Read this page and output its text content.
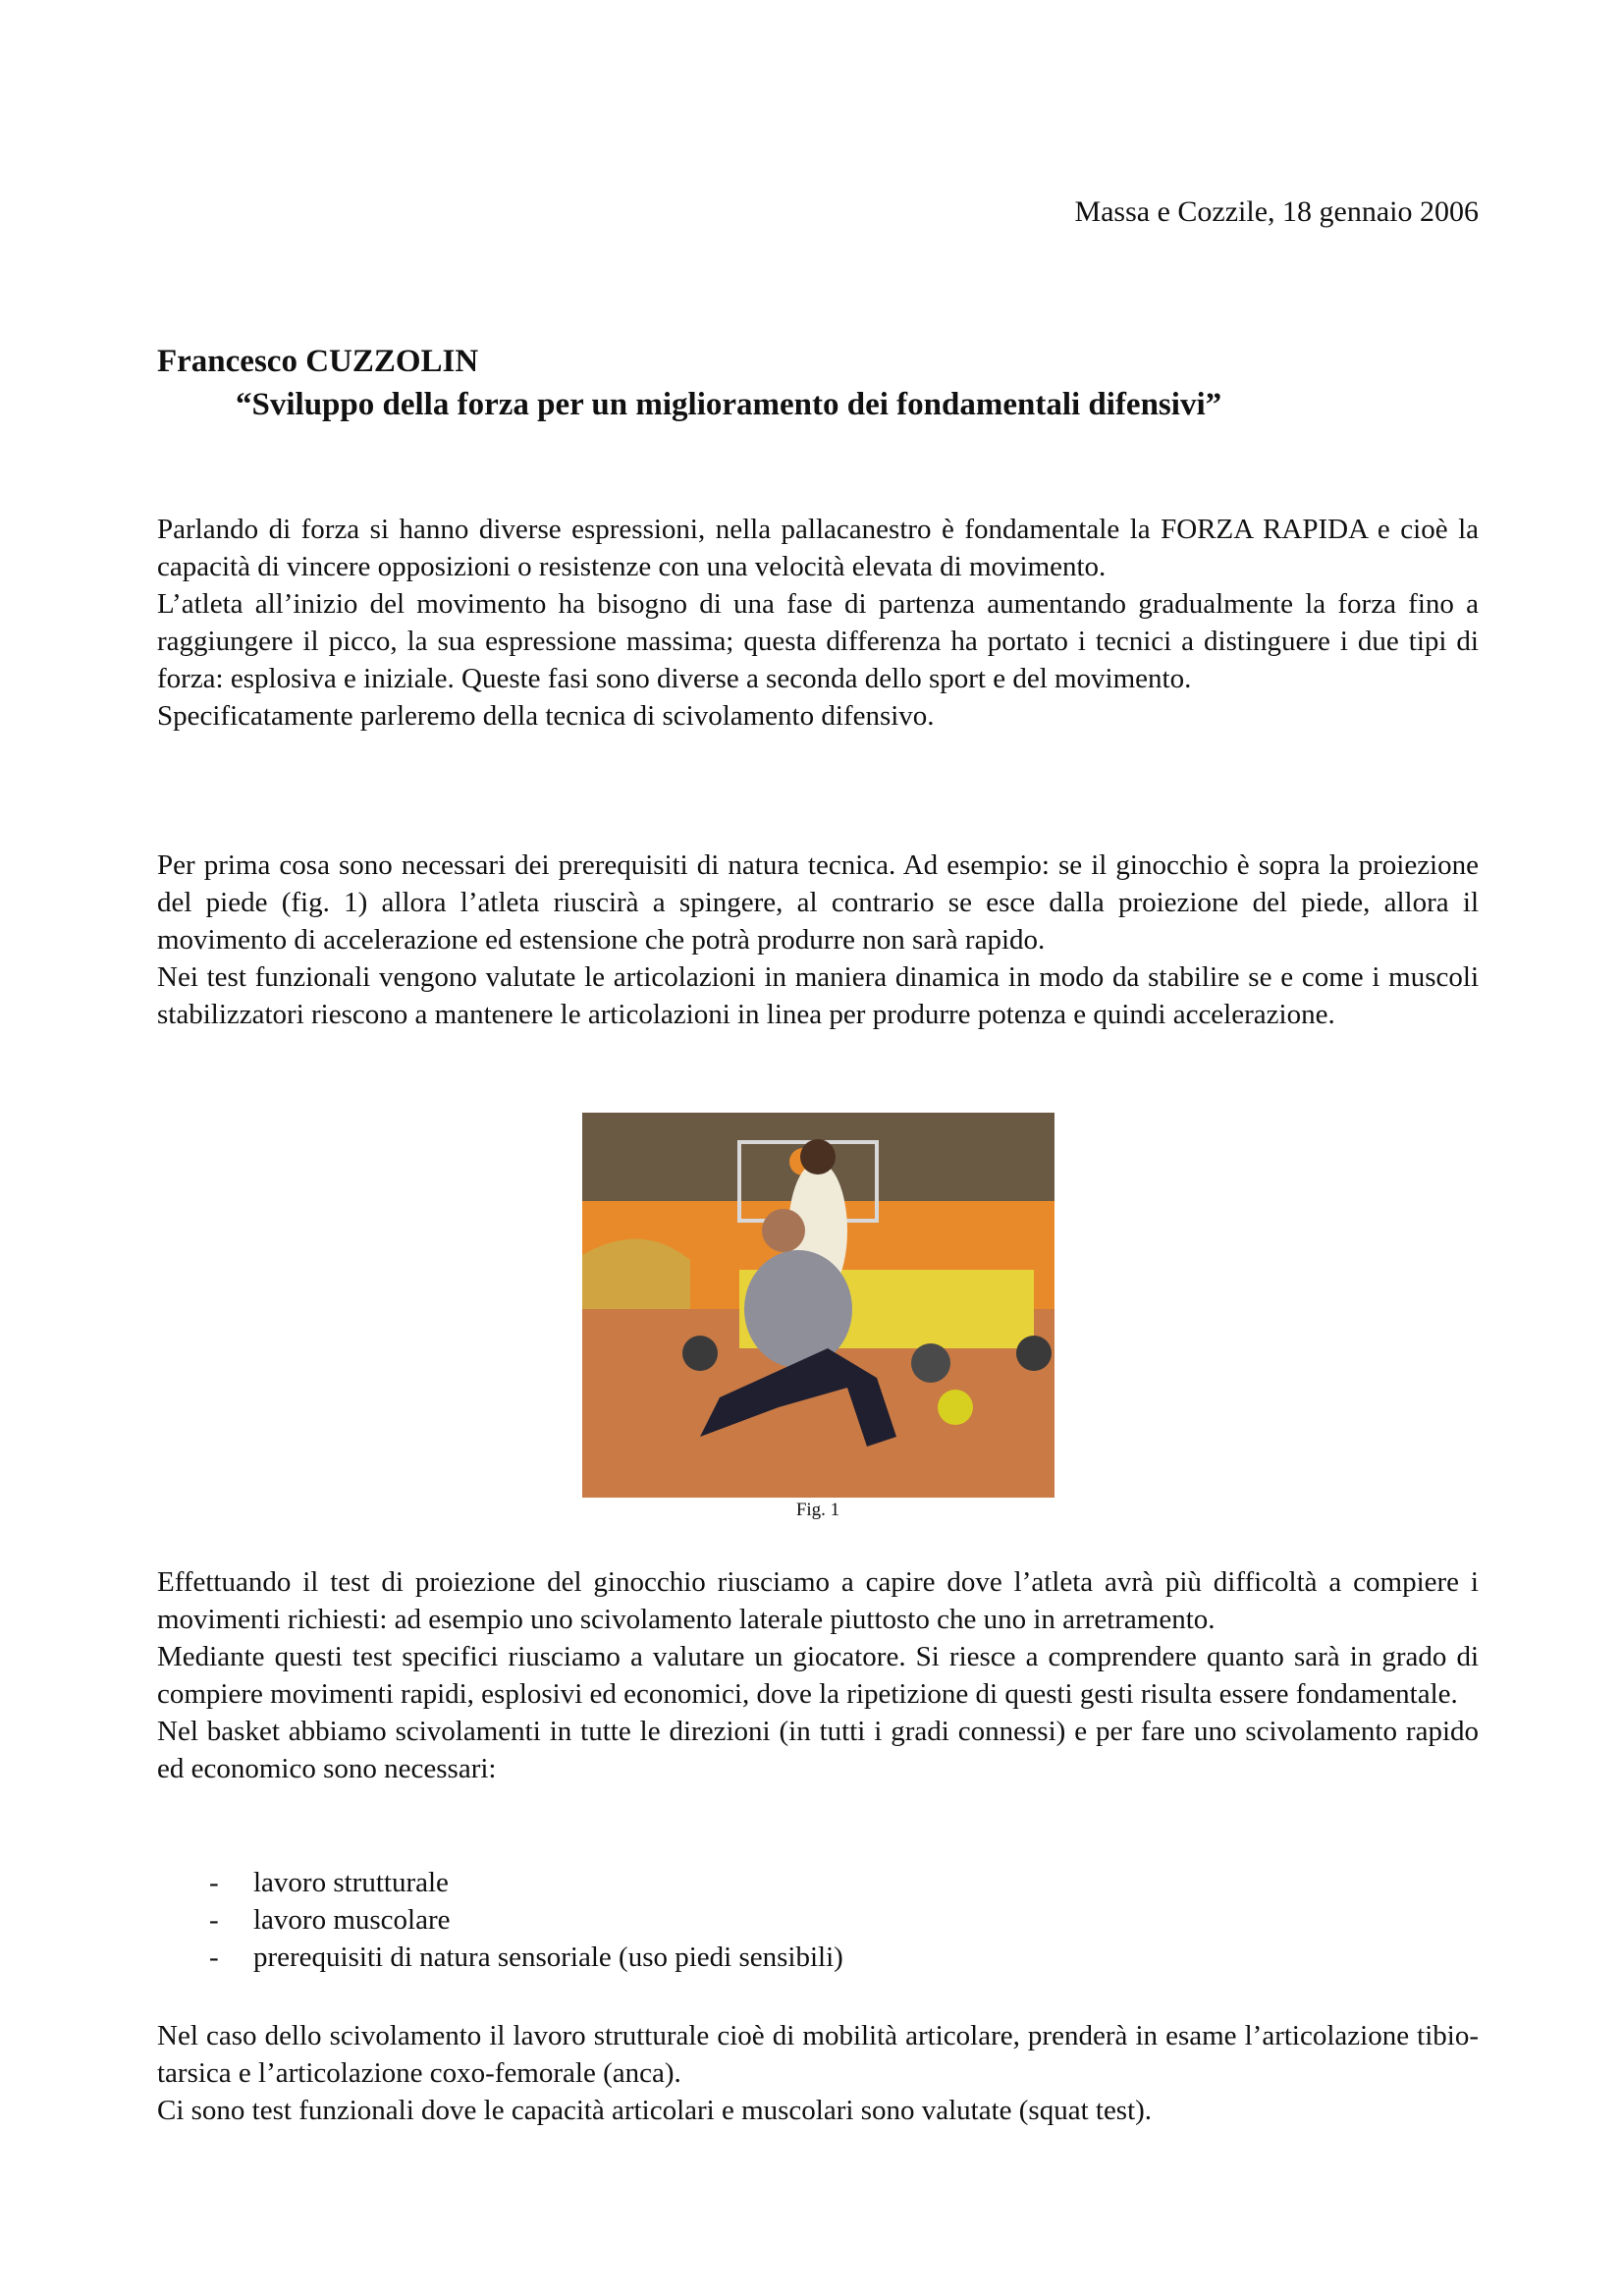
Massa e Cozzile, 18 gennaio 2006
Francesco CUZZOLIN
“Sviluppo della forza per un miglioramento dei fondamentali difensivi”
Parlando di forza si hanno diverse espressioni, nella pallacanestro è fondamentale la FORZA RAPIDA e cioè la capacità di vincere opposizioni o resistenze con una velocità elevata di movimento.
L’atleta all’inizio del movimento ha bisogno di una fase di partenza aumentando gradualmente la forza fino a raggiungere il picco, la sua espressione massima; questa differenza ha portato i tecnici a distinguere i due tipi di forza: esplosiva e iniziale. Queste fasi sono diverse a seconda dello sport e del movimento.
Specificatamente parleremo della tecnica di scivolamento difensivo.
Per prima cosa sono necessari dei prerequisiti di natura tecnica. Ad esempio: se il ginocchio è sopra la proiezione del piede (fig. 1) allora l’atleta riuscirà a spingere, al contrario se esce dalla proiezione del piede, allora il movimento di accelerazione ed estensione che potrà produrre non sarà rapido.
Nei test funzionali vengono valutate le articolazioni in maniera dinamica in modo da stabilire se e come i muscoli stabilizzatori riescono a mantenere le articolazioni in linea per produrre potenza e quindi accelerazione.
Fig. 1
Effettuando il test di proiezione del ginocchio riusciamo a capire dove l’atleta avrà più difficoltà a compiere i movimenti richiesti: ad esempio uno scivolamento laterale piuttosto che uno in arretramento.
Mediante questi test specifici riusciamo a valutare un giocatore. Si riesce a comprendere quanto sarà in grado di compiere movimenti rapidi, esplosivi ed economici, dove la ripetizione di questi gesti risulta essere fondamentale.
Nel basket abbiamo scivolamenti in tutte le direzioni (in tutti i gradi connessi) e per fare uno scivolamento rapido ed economico sono necessari:
- lavoro strutturale
- lavoro muscolare
- prerequisiti di natura sensoriale (uso piedi sensibili)
Nel caso dello scivolamento il lavoro strutturale cioè di mobilità articolare, prenderà in esame l’articolazione tibio-tarsica e l’articolazione coxo-femorale (anca).
Ci sono test funzionali dove le capacità articolari e muscolari sono valutate (squat test).
